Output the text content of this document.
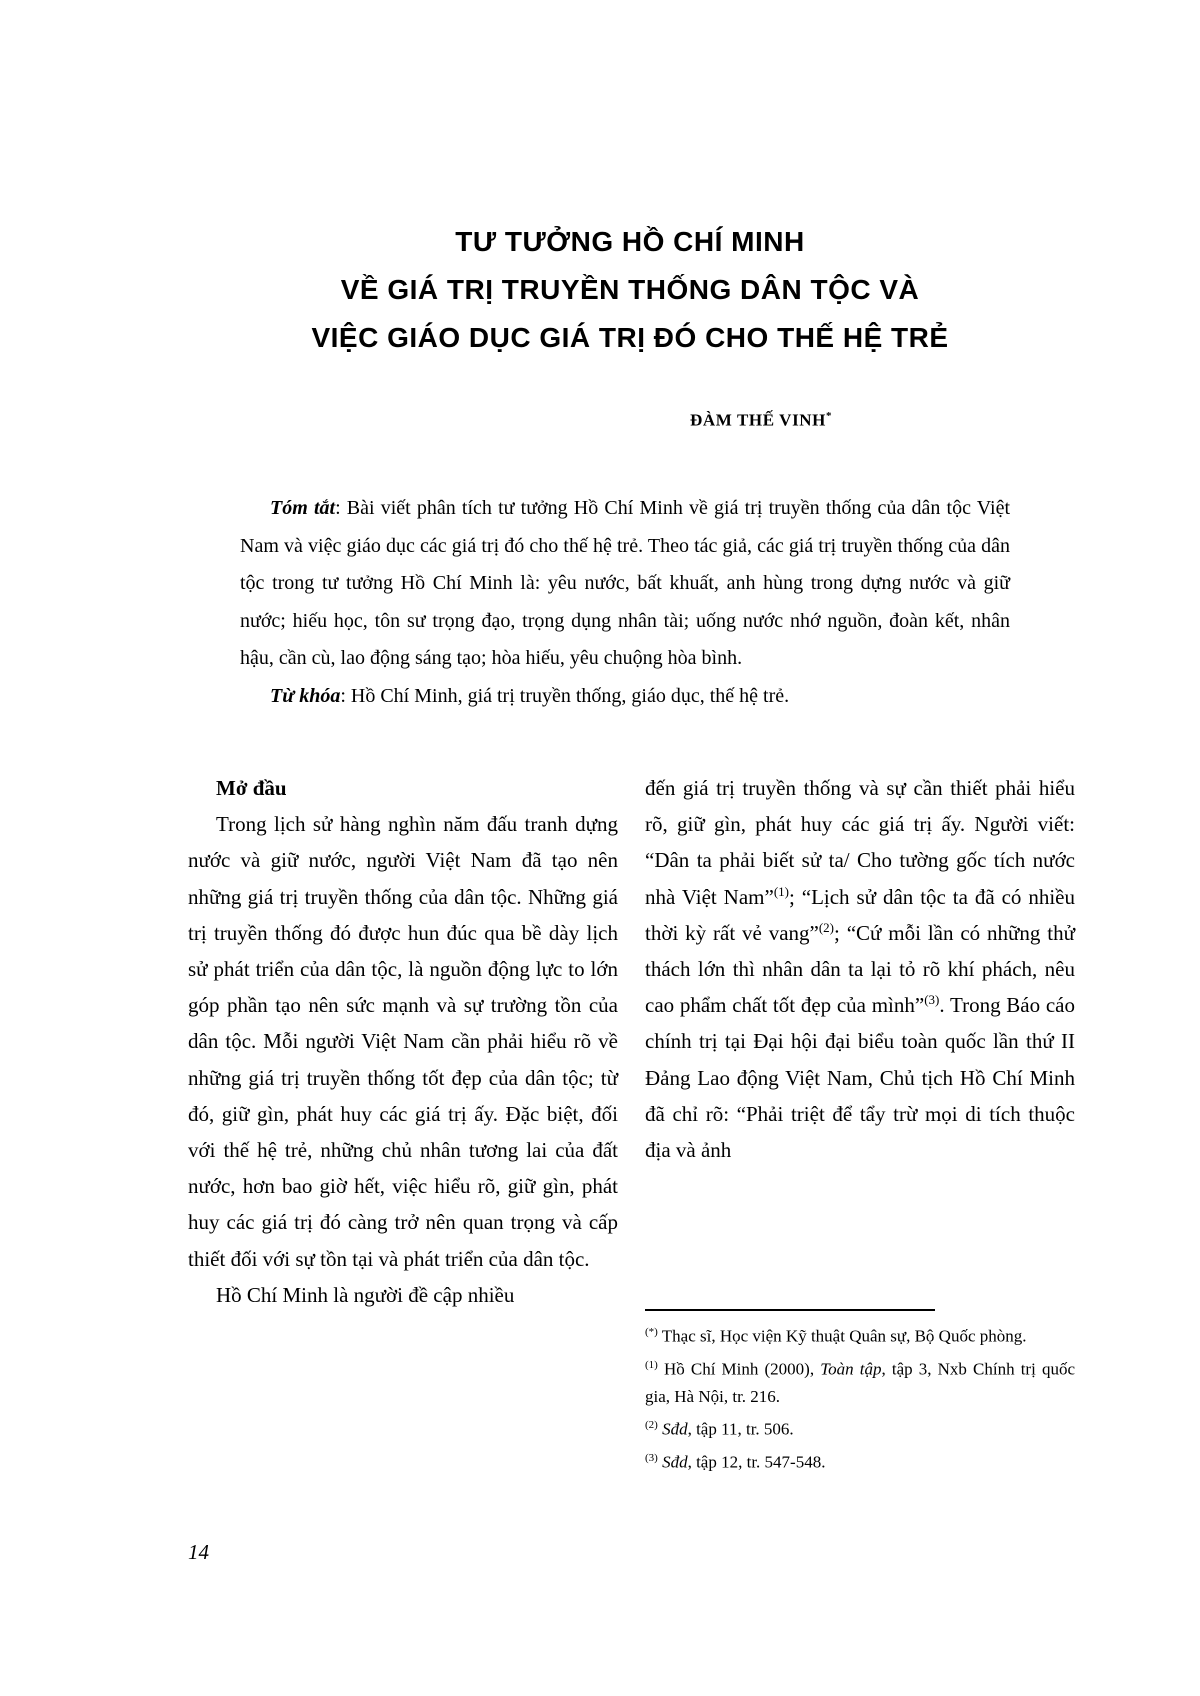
TƯ TƯỞNG HỒ CHÍ MINH
VỀ GIÁ TRỊ TRUYỀN THỐNG DÂN TỘC VÀ
VIỆC GIÁO DỤC GIÁ TRỊ ĐÓ CHO THẾ HỆ TRẺ
ĐÀM THẾ VINH*

Tóm tắt: Bài viết phân tích tư tưởng Hồ Chí Minh về giá trị truyền thống của dân tộc Việt Nam và việc giáo dục các giá trị đó cho thế hệ trẻ. Theo tác giả, các giá trị truyền thống của dân tộc trong tư tưởng Hồ Chí Minh là: yêu nước, bất khuất, anh hùng trong dựng nước và giữ nước; hiếu học, tôn sư trọng đạo, trọng dụng nhân tài; uống nước nhớ nguồn, đoàn kết, nhân hậu, cần cù, lao động sáng tạo; hòa hiếu, yêu chuộng hòa bình.

Từ khóa: Hồ Chí Minh, giá trị truyền thống, giáo dục, thế hệ trẻ.

Mở đầu

Trong lịch sử hàng nghìn năm đấu tranh dựng nước và giữ nước, người Việt Nam đã tạo nên những giá trị truyền thống của dân tộc. Những giá trị truyền thống đó được hun đúc qua bề dày lịch sử phát triển của dân tộc, là nguồn động lực to lớn góp phần tạo nên sức mạnh và sự trường tồn của dân tộc. Mỗi người Việt Nam cần phải hiểu rõ về những giá trị truyền thống tốt đẹp của dân tộc; từ đó, giữ gìn, phát huy các giá trị ấy. Đặc biệt, đối với thế hệ trẻ, những chủ nhân tương lai của đất nước, hơn bao giờ hết, việc hiểu rõ, giữ gìn, phát huy các giá trị đó càng trở nên quan trọng và cấp thiết đối với sự tồn tại và phát triển của dân tộc.

Hồ Chí Minh là người đề cập nhiều

đến giá trị truyền thống và sự cần thiết phải hiểu rõ, giữ gìn, phát huy các giá trị ấy. Người viết: “Dân ta phải biết sử ta/ Cho tường gốc tích nước nhà Việt Nam”$^{(1)}$; “Lịch sử dân tộc ta đã có nhiều thời kỳ rất vẻ vang”$^{(2)}$; “Cứ mỗi lần có những thử thách lớn thì nhân dân ta lại tỏ rõ khí phách, nêu cao phẩm chất tốt đẹp của mình”$^{(3)}$. Trong Báo cáo chính trị tại Đại hội đại biểu toàn quốc lần thứ II Đảng Lao động Việt Nam, Chủ tịch Hồ Chí Minh đã chỉ rõ: “Phải triệt để tẩy trừ mọi di tích thuộc địa và ảnh

(*) Thạc sĩ, Học viện Kỹ thuật Quân sự, Bộ Quốc phòng.

$^{(1)}$ Hồ Chí Minh (2000), Toàn tập, tập 3, Nxb Chính trị quốc gia, Hà Nội, tr. 216.

$^{(2)}$ Sđd, tập 11, tr. 506.

$^{(3)}$ Sđd, tập 12, tr. 547-548.

14
